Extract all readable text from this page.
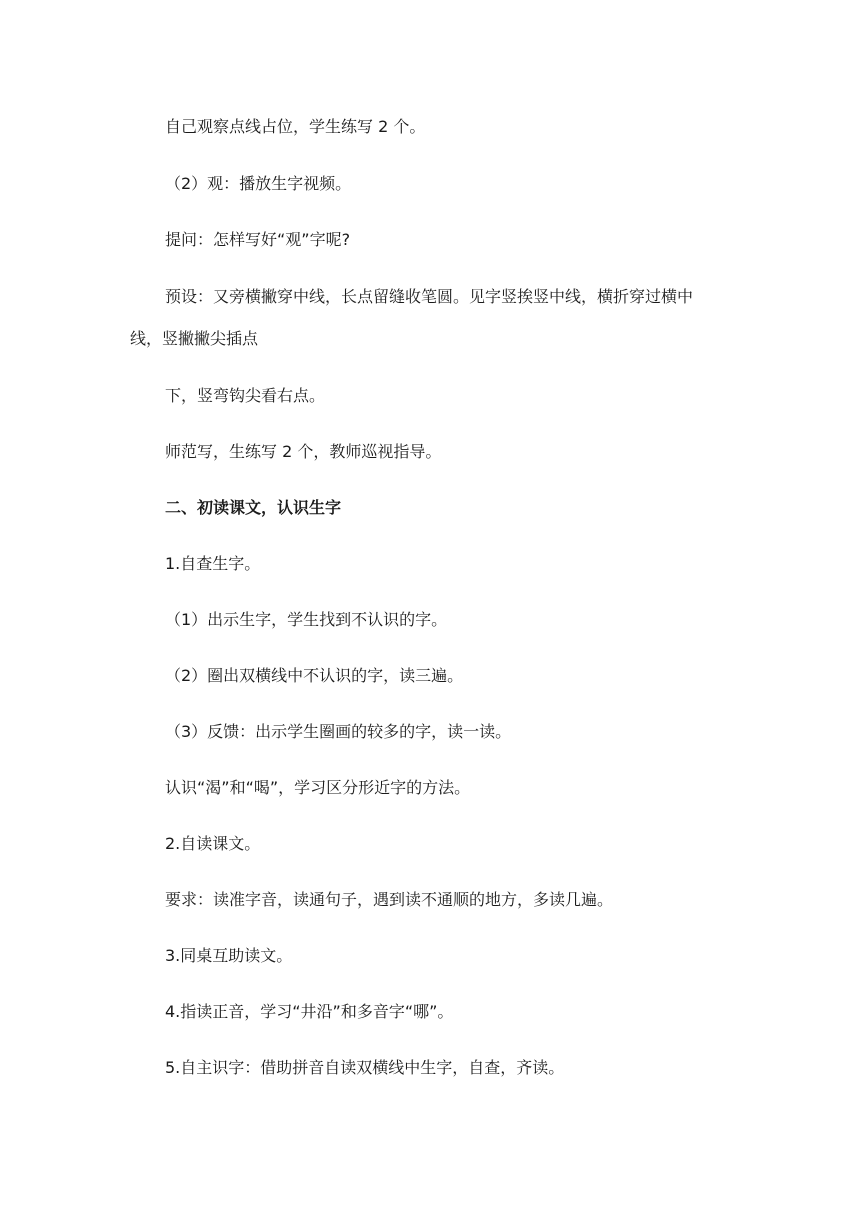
自己观察点线占位，学生练写 2 个。
（2）观：播放生字视频。
提问：怎样写好“观”字呢?
预设：又旁横撇穿中线，长点留缝收笔圆。见字竖挨竖中线，横折穿过横中
线，竖撇撇尖插点
下，竖弯钩尖看右点。
师范写，生练写 2 个，教师巡视指导。
二、初读课文，认识生字
1.自查生字。
（1）出示生字，学生找到不认识的字。
（2）圈出双横线中不认识的字，读三遍。
（3）反馈：出示学生圈画的较多的字，读一读。
认识“渴”和“喝”，学习区分形近字的方法。
2.自读课文。
要求：读准字音，读通句子，遇到读不通顺的地方，多读几遍。
3.同桌互助读文。
4.指读正音，学习“井沿”和多音字“哪”。
5.自主识字：借助拼音自读双横线中生字，自查，齐读。
